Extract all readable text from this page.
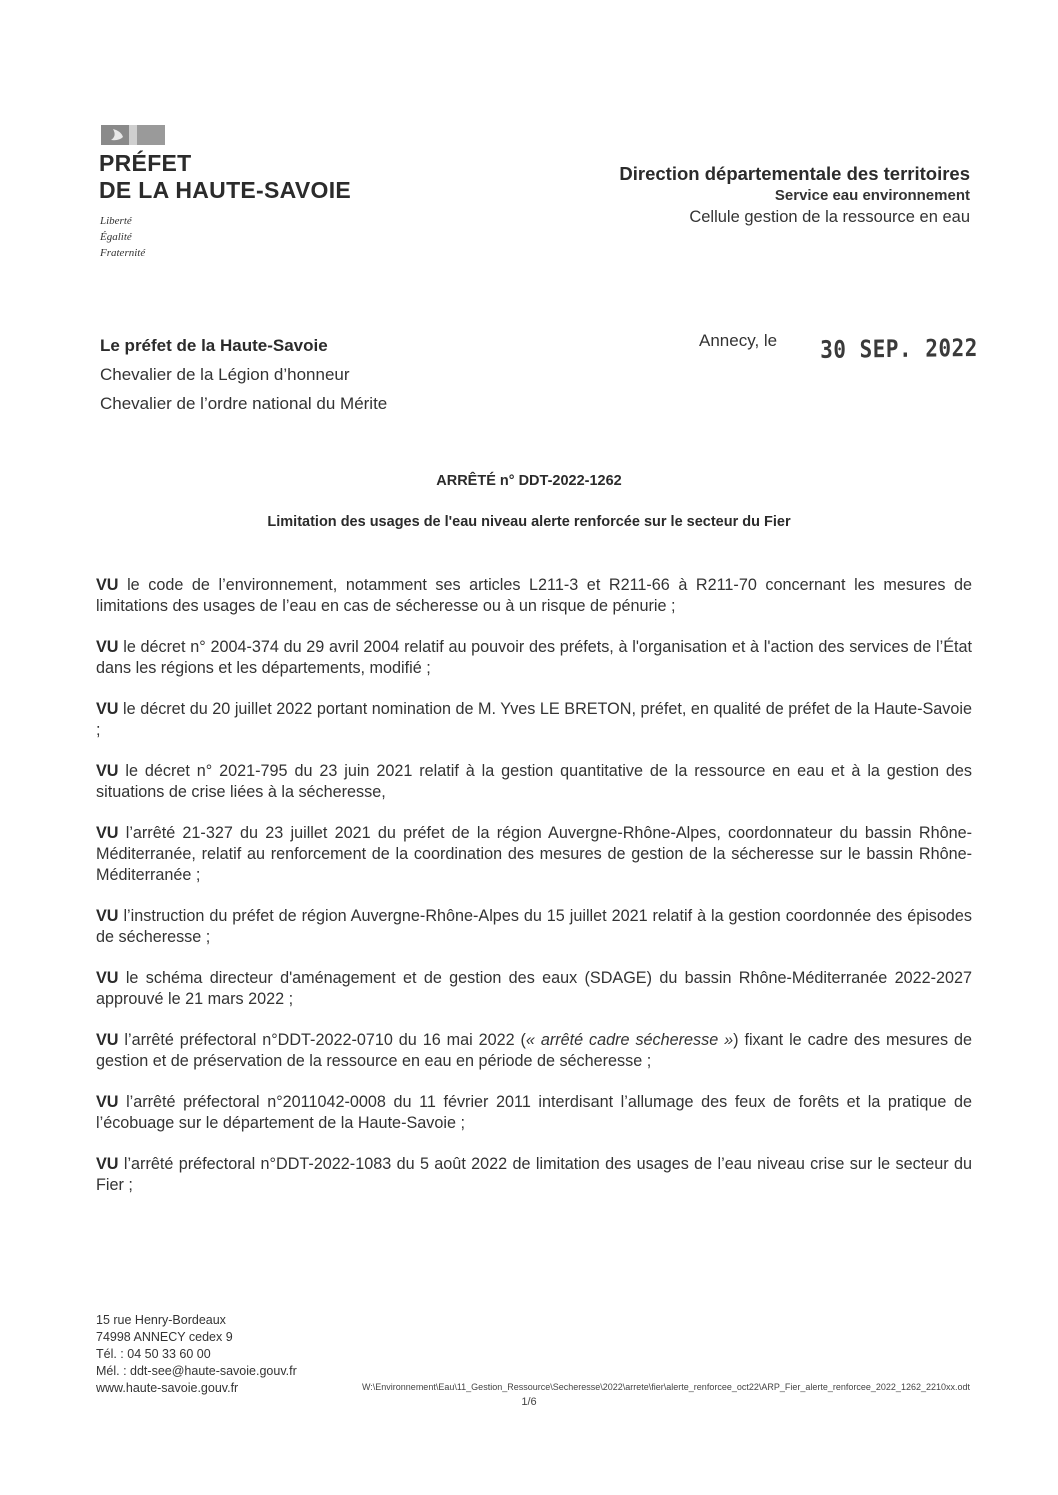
PRÉFET
DE LA HAUTE-SAVOIE
Liberté
Égalité
Fraternité
Direction départementale des territoires
Service eau environnement
Cellule gestion de la ressource en eau
Le préfet de la Haute-Savoie
Chevalier de la Légion d’honneur
Chevalier de l’ordre national du Mérite
Annecy, le 30 SEP. 2022
ARRÊTÉ n° DDT-2022-1262
Limitation des usages de l'eau niveau alerte renforcée sur le secteur du Fier

VU le code de l’environnement, notamment ses articles L211-3 et R211-66 à R211-70 concernant les mesures de limitations des usages de l’eau en cas de sécheresse ou à un risque de pénurie ;

VU le décret n° 2004-374 du 29 avril 2004 relatif au pouvoir des préfets, à l'organisation et à l'action des services de l’État dans les régions et les départements, modifié ;

VU le décret du 20 juillet 2022 portant nomination de M. Yves LE BRETON, préfet, en qualité de préfet de la Haute-Savoie ;

VU le décret n° 2021-795 du 23 juin 2021 relatif à la gestion quantitative de la ressource en eau et à la gestion des situations de crise liées à la sécheresse,

VU l’arrêté 21-327 du 23 juillet 2021 du préfet de la région Auvergne-Rhône-Alpes, coordonnateur du bassin Rhône-Méditerranée, relatif au renforcement de la coordination des mesures de gestion de la sécheresse sur le bassin Rhône-Méditerranée ;

VU l’instruction du préfet de région Auvergne-Rhône-Alpes du 15 juillet 2021 relatif à la gestion coordonnée des épisodes de sécheresse ;

VU le schéma directeur d'aménagement et de gestion des eaux (SDAGE) du bassin Rhône-Méditerranée 2022-2027 approuvé le 21 mars 2022 ;

VU l’arrêté préfectoral n°DDT-2022-0710 du 16 mai 2022 (« arrêté cadre sécheresse ») fixant le cadre des mesures de gestion et de préservation de la ressource en eau en période de sécheresse ;

VU l’arrêté préfectoral n°2011042-0008 du 11 février 2011 interdisant l’allumage des feux de forêts et la pratique de l’écobuage sur le département de la Haute-Savoie ;

VU l’arrêté préfectoral n°DDT-2022-1083 du 5 août 2022 de limitation des usages de l’eau niveau crise sur le secteur du Fier ;

15 rue Henry-Bordeaux
74998 ANNECY cedex 9
Tél. : 04 50 33 60 00
Mél. : ddt-see@haute-savoie.gouv.fr
www.haute-savoie.gouv.fr	W:\Environnement\Eau\11_Gestion_Ressource\Secheresse\2022\arrete\fier\alerte_renforcee_oct22\ARP_Fier_alerte_renforcee_2022_1262_2210xx.odt
1/6
